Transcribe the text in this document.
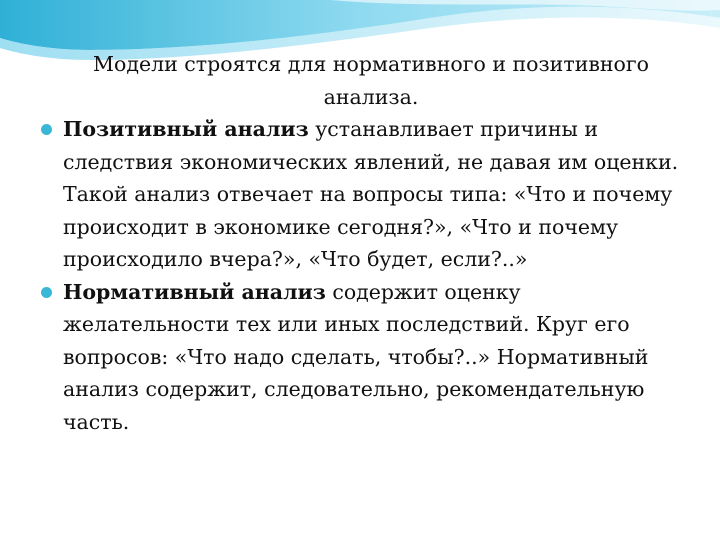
Модели строятся для нормативного и позитивного
анализа.

Позитивный анализ устанавливает причины и следствия экономических явлений, не давая им оценки. Такой анализ отвечает на вопросы типа: «Что и почему происходит в экономике сегодня?», «Что и почему происходило вчера?», «Что будет, если?..»
Нормативный анализ содержит оценку желательности тех или иных последствий. Круг его вопросов: «Что надо сделать, чтобы?..» Нормативный анализ содержит, следовательно, рекомендательную часть.
